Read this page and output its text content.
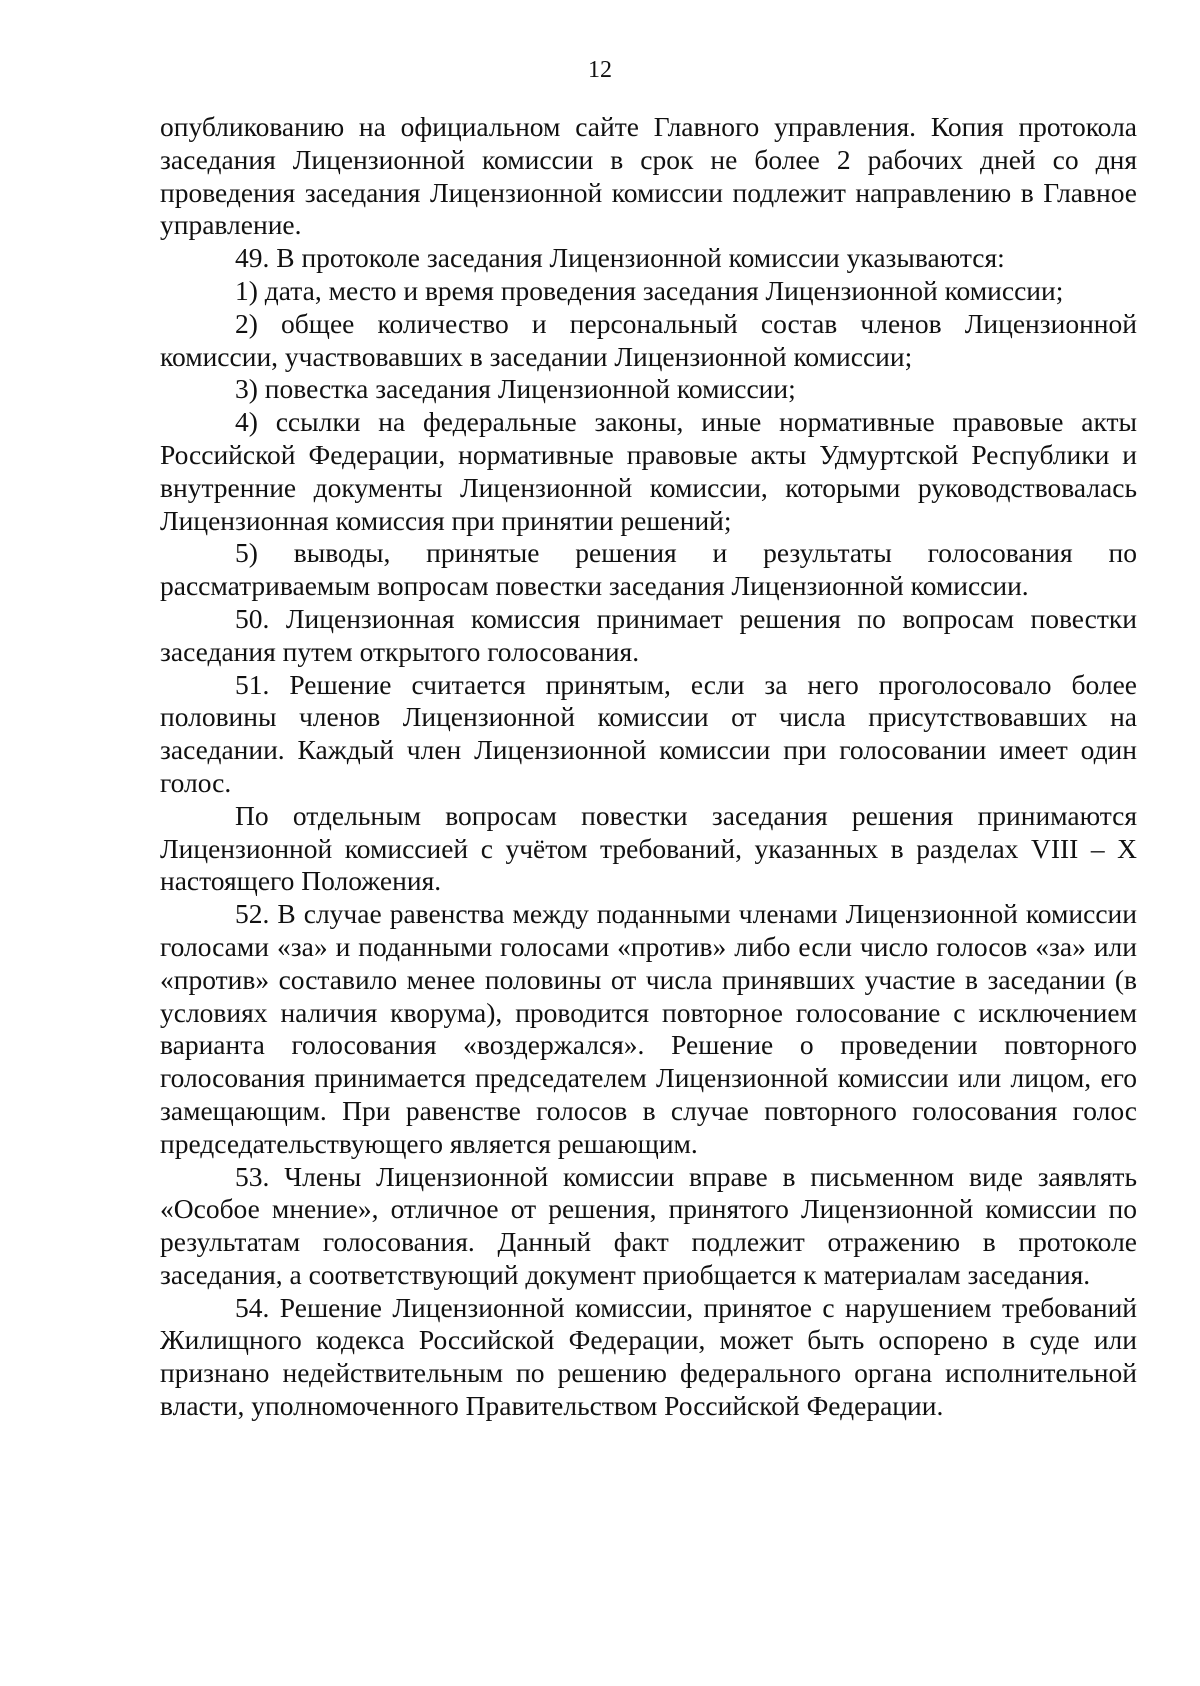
12

опубликованию на официальном сайте Главного управления. Копия протокола заседания Лицензионной комиссии в срок не более 2 рабочих дней со дня проведения заседания Лицензионной комиссии подлежит направлению в Главное управление.

49. В протоколе заседания Лицензионной комиссии указываются:

1) дата, место и время проведения заседания Лицензионной комиссии;

2) общее количество и персональный состав членов Лицензионной комиссии, участвовавших в заседании Лицензионной комиссии;

3) повестка заседания Лицензионной комиссии;

4) ссылки на федеральные законы, иные нормативные правовые акты Российской Федерации, нормативные правовые акты Удмуртской Республики и внутренние документы Лицензионной комиссии, которыми руководствовалась Лицензионная комиссия при принятии решений;

5) выводы, принятые решения и результаты голосования по рассматриваемым вопросам повестки заседания Лицензионной комиссии.

50. Лицензионная комиссия принимает решения по вопросам повестки заседания путем открытого голосования.

51. Решение считается принятым, если за него проголосовало более половины членов Лицензионной комиссии от числа присутствовавших на заседании. Каждый член Лицензионной комиссии при голосовании имеет один голос.

По отдельным вопросам повестки заседания решения принимаются Лицензионной комиссией с учётом требований, указанных в разделах VIII – X настоящего Положения.

52. В случае равенства между поданными членами Лицензионной комиссии голосами «за» и поданными голосами «против» либо если число голосов «за» или «против» составило менее половины от числа принявших участие в заседании (в условиях наличия кворума), проводится повторное голосование с исключением варианта голосования «воздержался». Решение о проведении повторного голосования принимается председателем Лицензионной комиссии или лицом, его замещающим. При равенстве голосов в случае повторного голосования голос председательствующего является решающим.

53. Члены Лицензионной комиссии вправе в письменном виде заявлять «Особое мнение», отличное от решения, принятого Лицензионной комиссии по результатам голосования. Данный факт подлежит отражению в протоколе заседания, а соответствующий документ приобщается к материалам заседания.

54. Решение Лицензионной комиссии, принятое с нарушением требований Жилищного кодекса Российской Федерации, может быть оспорено в суде или признано недействительным по решению федерального органа исполнительной власти, уполномоченного Правительством Российской Федерации.
